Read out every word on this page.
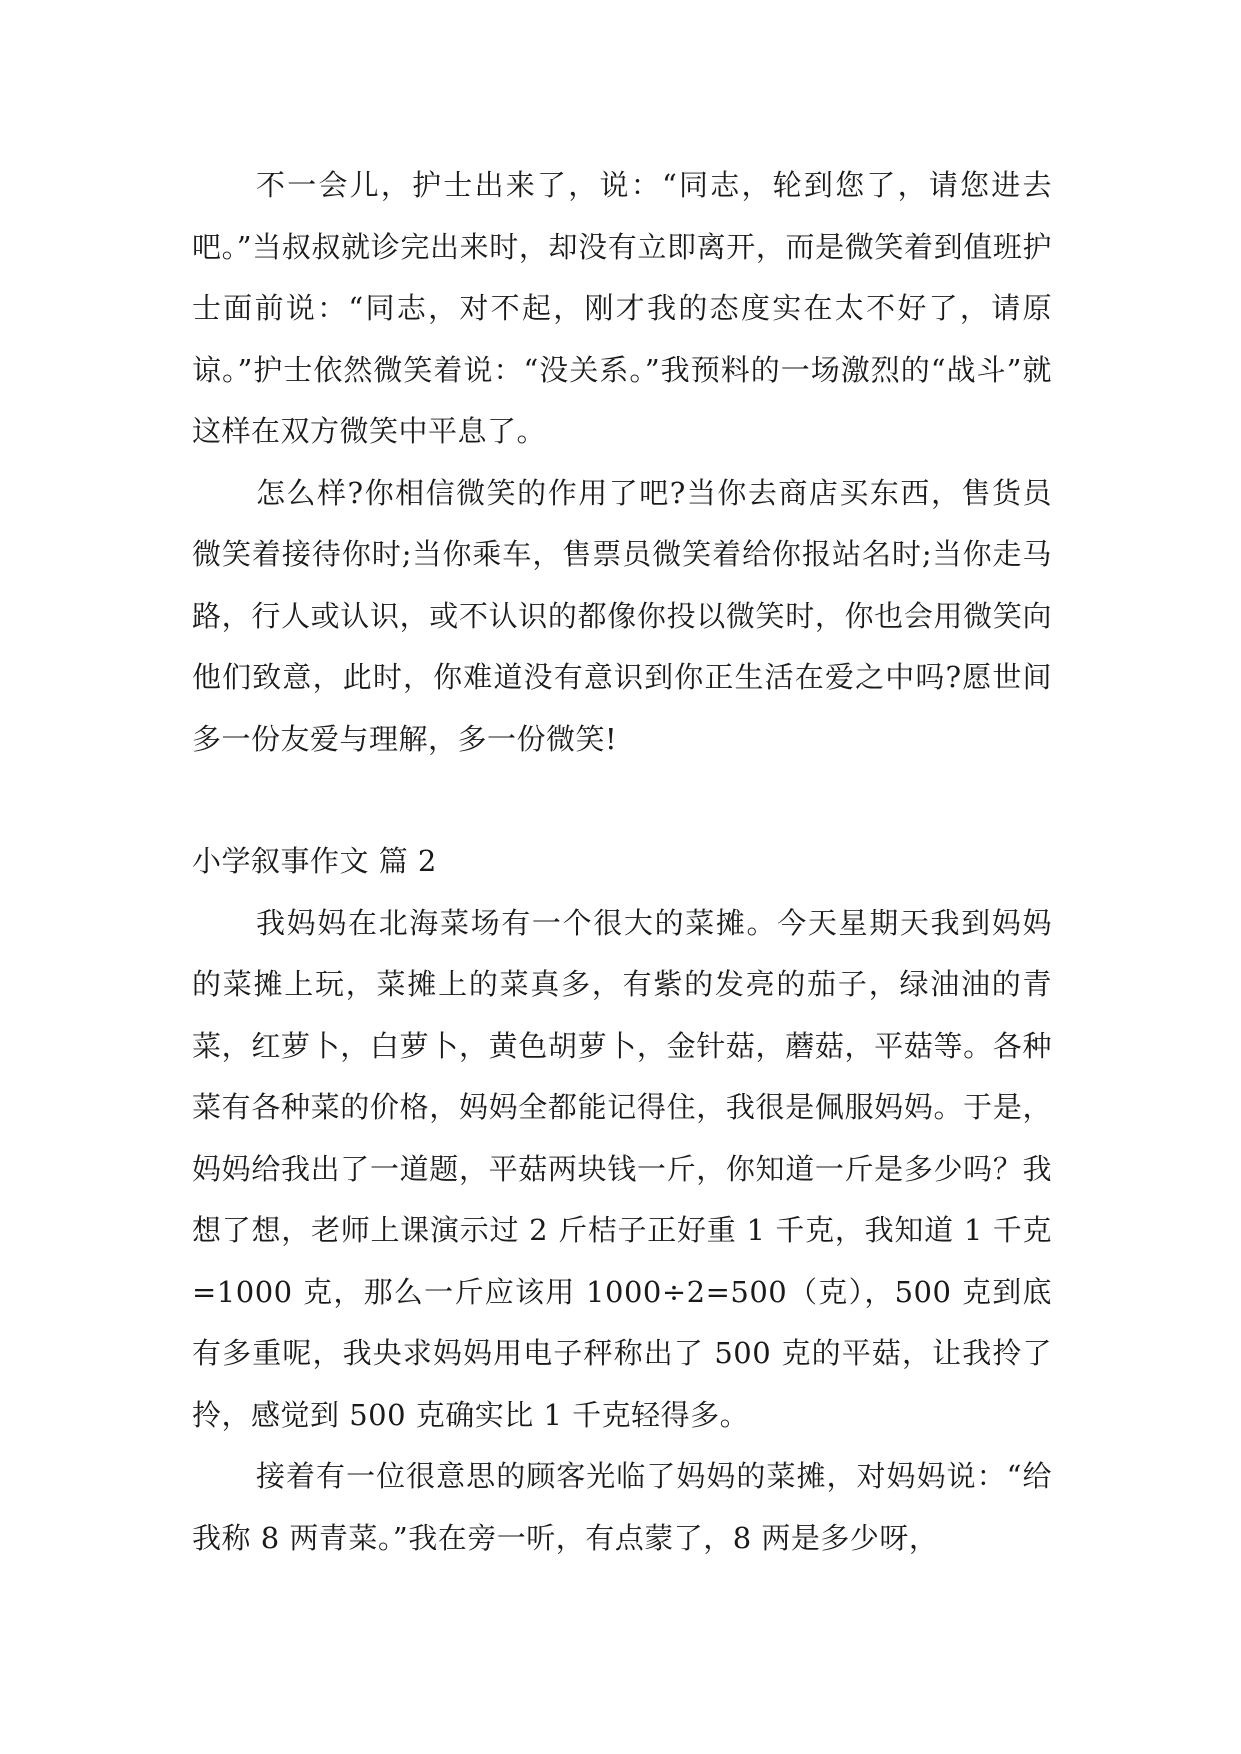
不一会儿，护士出来了，说：“同志，轮到您了，请您进去吧。”当叔叔就诊完出来时，却没有立即离开，而是微笑着到值班护士面前说：“同志，对不起，刚才我的态度实在太不好了，请原谅。”护士依然微笑着说：“没关系。”我预料的一场激烈的“战斗”就这样在双方微笑中平息了。

怎么样?你相信微笑的作用了吧?当你去商店买东西，售货员微笑着接待你时;当你乘车，售票员微笑着给你报站名时;当你走马路，行人或认识，或不认识的都像你投以微笑时，你也会用微笑向他们致意，此时，你难道没有意识到你正生活在爱之中吗?愿世间多一份友爱与理解，多一份微笑!

小学叙事作文 篇 2

我妈妈在北海菜场有一个很大的菜摊。今天星期天我到妈妈的菜摊上玩，菜摊上的菜真多，有紫的发亮的茄子，绿油油的青菜，红萝卜，白萝卜，黄色胡萝卜，金针菇，蘑菇，平菇等。各种菜有各种菜的价格，妈妈全都能记得住，我很是佩服妈妈。于是，妈妈给我出了一道题，平菇两块钱一斤，你知道一斤是多少吗？我想了想，老师上课演示过 2 斤桔子正好重 1 千克，我知道 1 千克=1000 克，那么一斤应该用 1000÷2=500（克），500 克到底有多重呢，我央求妈妈用电子秤称出了 500 克的平菇，让我拎了拎，感觉到 500 克确实比 1 千克轻得多。

接着有一位很意思的顾客光临了妈妈的菜摊，对妈妈说：“给我称 8 两青菜。”我在旁一听，有点蒙了，8 两是多少呀，
